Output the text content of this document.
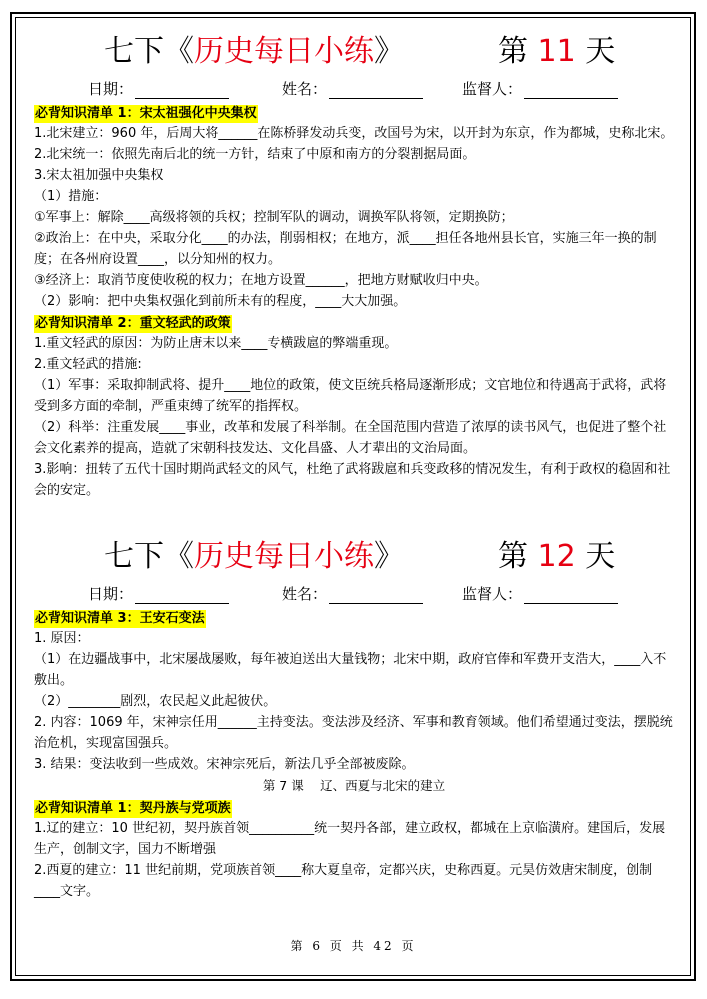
七下《历史每日小练》	第 11 天
日期：	姓名：	监督人：
必背知识清单 1：宋太祖强化中央集权
1.北宋建立：960 年，后周大将______在陈桥驿发动兵变，改国号为宋，以开封为东京，作为都城，史称北宋。
2.北宋统一：依照先南后北的统一方针，结束了中原和南方的分裂割据局面。
3.宋太祖加强中央集权
（1）措施：
①军事上：解除____高级将领的兵权；控制军队的调动，调换军队将领，定期换防；
②政治上：在中央，采取分化____的办法，削弱相权；在地方，派____担任各地州县长官，实施三年一换的制度；在各州府设置____，以分知州的权力。
③经济上：取消节度使收税的权力；在地方设置______，把地方财赋收归中央。
（2）影响：把中央集权强化到前所未有的程度，____大大加强。
必背知识清单 2：重文轻武的政策
1.重文轻武的原因：为防止唐末以来____专横跋扈的弊端重现。
2.重文轻武的措施:
（1）军事：采取抑制武将、提升____地位的政策，使文臣统兵格局逐渐形成；文官地位和待遇高于武将，武将受到多方面的牵制，严重束缚了统军的指挥权。
（2）科举：注重发展____事业，改革和发展了科举制。在全国范围内营造了浓厚的读书风气，也促进了整个社会文化素养的提高，造就了宋朝科技发达、文化昌盛、人才辈出的文治局面。
3.影响：扭转了五代十国时期尚武轻文的风气，杜绝了武将跋扈和兵变政移的情况发生，有利于政权的稳固和社会的安定。
七下《历史每日小练》	第 12 天
日期：	姓名：	监督人：
必背知识清单 3：王安石变法
1. 原因：
（1）在边疆战事中，北宋屡战屡败，每年被迫送出大量钱物；北宋中期，政府官俸和军费开支浩大，____入不敷出。
（2）________剧烈，农民起义此起彼伏。
2. 内容：1069 年，宋神宗任用______主持变法。变法涉及经济、军事和教育领域。他们希望通过变法，摆脱统治危机，实现富国强兵。
3. 结果：变法收到一些成效。宋神宗死后，新法几乎全部被废除。
第 7 课　 辽、西夏与北宋的建立
必背知识清单 1：契丹族与党项族
1.辽的建立：10 世纪初，契丹族首领__________统一契丹各部，建立政权，都城在上京临潢府。建国后，发展生产，创制文字，国力不断增强
2.西夏的建立：11 世纪前期，党项族首领____称大夏皇帝，定都兴庆，史称西夏。元昊仿效唐宋制度，创制____文字。
第 6 页 共 42 页
